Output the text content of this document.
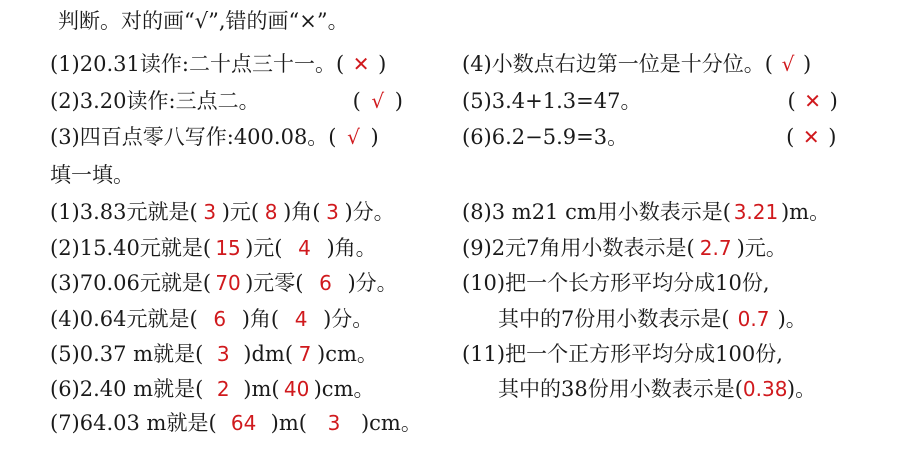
判断。对的画“√”,错的画“×”。
(1)20.31读作:二十点三十一。( ✕ )
(2)3.20读作:三点二。	( √ )
(3)四百点零八写作:400.08。( √ )
(4)小数点右边第一位是十分位。( √ )
(5)3.4+1.3=47。	( ✕ )
(6)6.2−5.9=3。	( ✕ )
填一填。
(1)3.83元就是( 3 )元( 8 )角( 3 )分。
(2)15.40元就是( 15 )元( 4 )角。
(3)70.06元就是( 70 )元零( 6 )分。
(4)0.64元就是( 6 )角( 4 )分。
(5)0.37 m就是( 3 )dm( 7 )cm。
(6)2.40 m就是( 2 )m( 40 )cm。
(7)64.03 m就是( 64 )m( 3 )cm。
(8)3 m21 cm用小数表示是( 3.21 )m。
(9)2元7角用小数表示是( 2.7 )元。
(10)把一个长方形平均分成10份,
其中的7份用小数表示是( 0.7 )。
(11)把一个正方形平均分成100份,
其中的38份用小数表示是(0.38)。
